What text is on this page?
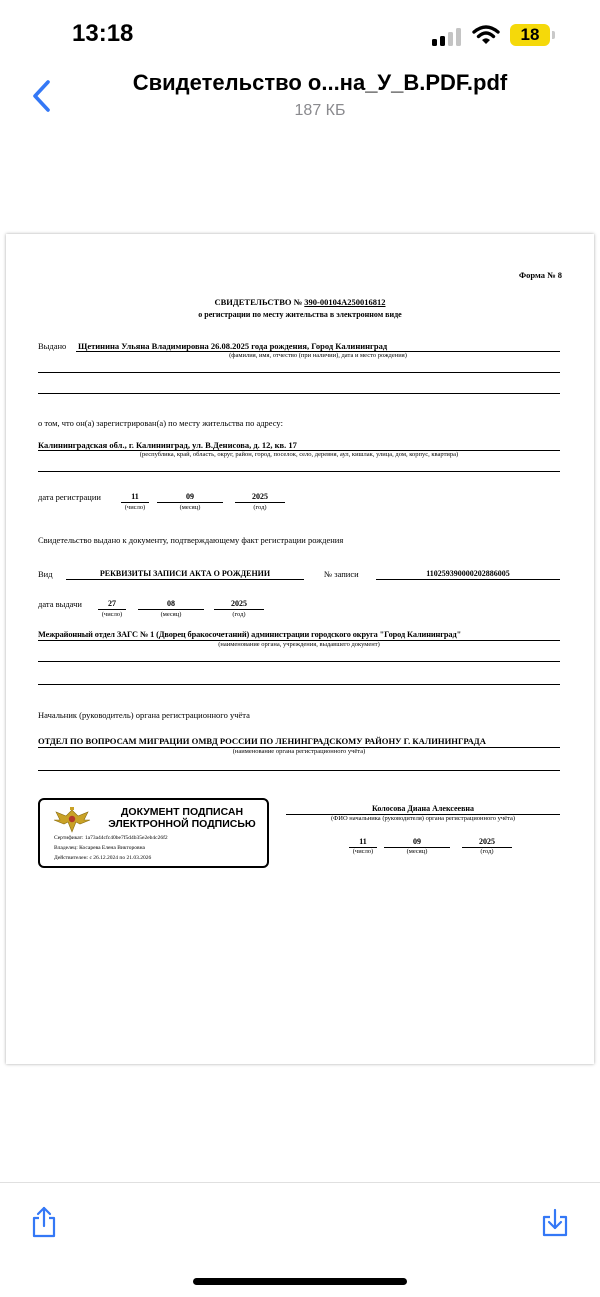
13:18	18
Свидетельство о...на_У_В.PDF.pdf
187 КБ
Форма № 8
СВИДЕТЕЛЬСТВО № 390-00104А250016812
о регистрации по месту жительства в электронном виде
Выдано Щетинина Ульяна Владимировна 26.08.2025 года рождения, Город Калининград
(фамилия, имя, отчество (при наличии), дата и место рождения)
о том, что он(а) зарегистрирован(а) по месту жительства по адресу:
Калининградская обл., г. Калининград, ул. В.Денисова, д. 12, кв. 17
(республика, край, область, округ, район, город, поселок, село, деревня, аул, кишлак, улица, дом, корпус, квартира)
дата регистрации	11
(число)
09
(месяц)
2025
(год)
Свидетельство выдано к документу, подтверждающему факт регистрации рождения
Вид	РЕКВИЗИТЫ ЗАПИСИ АКТА О РОЖДЕНИИ	№ записи	110259390000202886005
дата выдачи	27
(число)
08
(месяц)
2025
(год)
Межрайонный отдел ЗАГС № 1 (Дворец бракосочетаний) администрации городского округа "Город Калининград"
(наименование органа, учреждения, выдавшего документ)
Начальник (руководитель) органа регистрационного учёта
ОТДЕЛ ПО ВОПРОСАМ МИГРАЦИИ ОМВД РОССИИ ПО ЛЕНИНГРАДСКОМУ РАЙОНУ Г. КАЛИНИНГРАДА
(наименование органа регистрационного учёта)
ДОКУМЕНТ ПОДПИСАН
ЭЛЕКТРОННОЙ ПОДПИСЬЮ
Сертификат: 1a73a44cfc40be7f5d4b35e2eb4c26f2
Владелец: Косарева Елена Викторовна
Действителен: с 26.12.2024 по 21.03.2026
Колосова Диана Алексеевна
(ФИО начальника (руководителя) органа регистрационного учёта)
11
(число)
09
(месяц)
2025
(год)
